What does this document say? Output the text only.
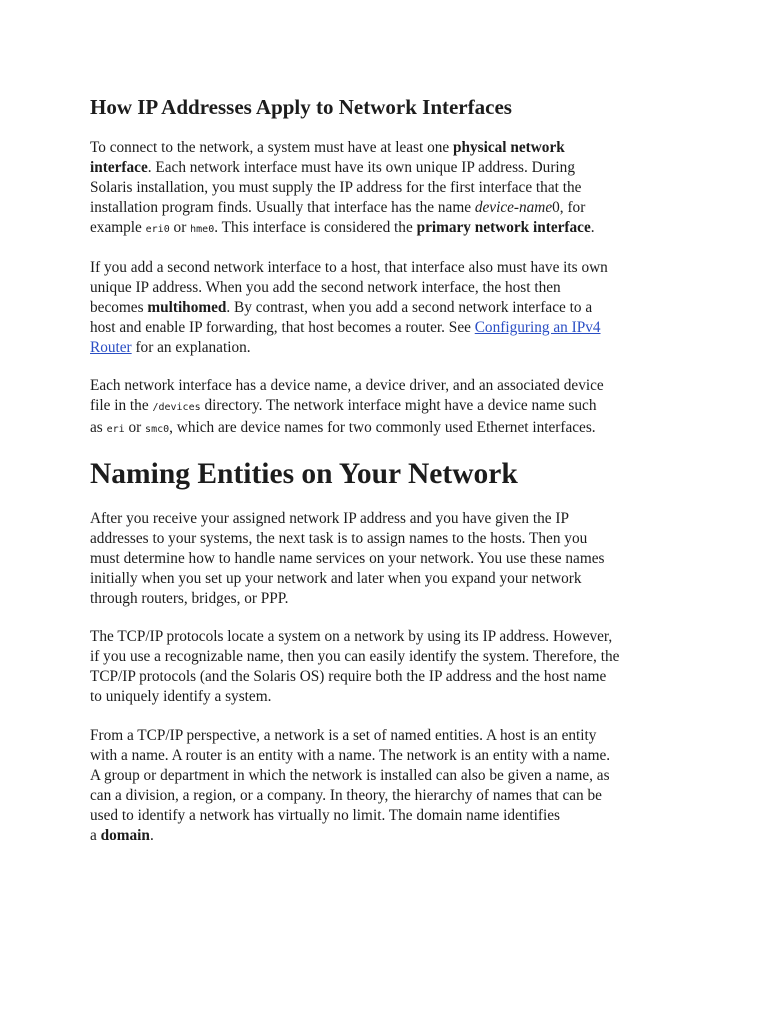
How IP Addresses Apply to Network Interfaces

To connect to the network, a system must have at least one physical network
interface. Each network interface must have its own unique IP address. During
Solaris installation, you must supply the IP address for the first interface that the
installation program finds. Usually that interface has the name device-name0, for
example eri0 or hme0. This interface is considered the primary network interface.

If you add a second network interface to a host, that interface also must have its own
unique IP address. When you add the second network interface, the host then
becomes multihomed. By contrast, when you add a second network interface to a
host and enable IP forwarding, that host becomes a router. See Configuring an IPv4
Router for an explanation.

Each network interface has a device name, a device driver, and an associated device
file in the /devices directory. The network interface might have a device name such
as eri or smc0, which are device names for two commonly used Ethernet interfaces.

Naming Entities on Your Network

After you receive your assigned network IP address and you have given the IP
addresses to your systems, the next task is to assign names to the hosts. Then you
must determine how to handle name services on your network. You use these names
initially when you set up your network and later when you expand your network
through routers, bridges, or PPP.

The TCP/IP protocols locate a system on a network by using its IP address. However,
if you use a recognizable name, then you can easily identify the system. Therefore, the
TCP/IP protocols (and the Solaris OS) require both the IP address and the host name
to uniquely identify a system.

From a TCP/IP perspective, a network is a set of named entities. A host is an entity
with a name. A router is an entity with a name. The network is an entity with a name.
A group or department in which the network is installed can also be given a name, as
can a division, a region, or a company. In theory, the hierarchy of names that can be
used to identify a network has virtually no limit. The domain name identifies
a domain.
